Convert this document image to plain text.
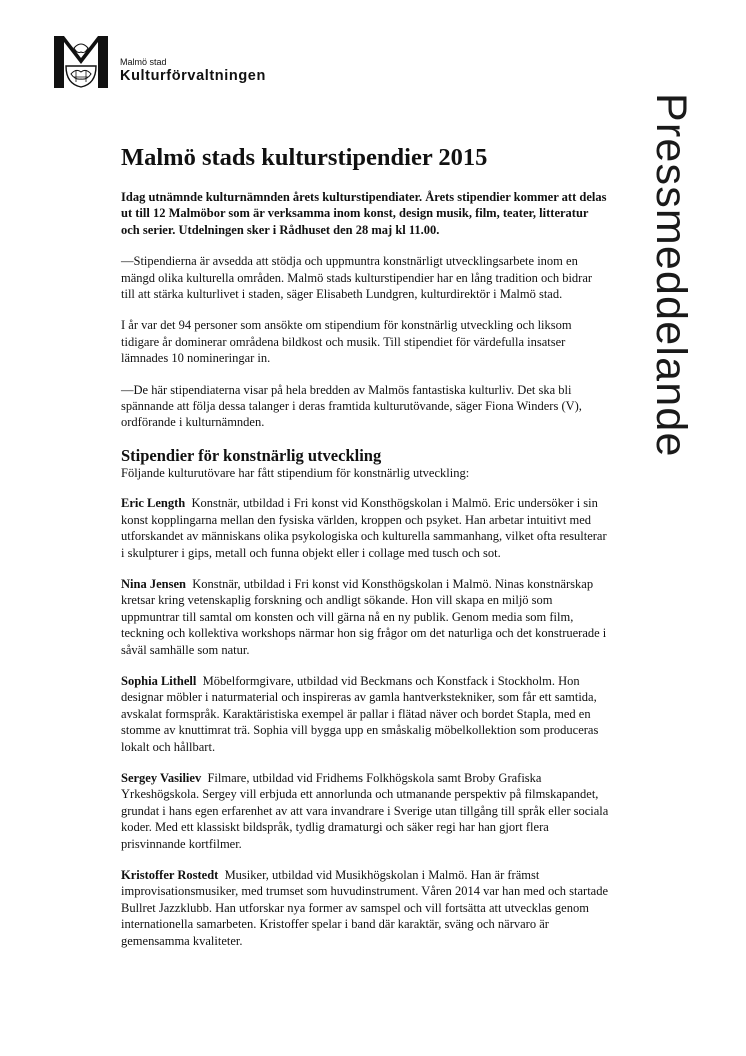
Malmö stad
Kulturförvaltningen
Pressmeddelande
Malmö stads kulturstipendier 2015

Idag utnämnde kulturnämnden årets kulturstipendiater. Årets stipendier kommer att delas ut till 12 Malmöbor som är verksamma inom konst, design musik, film, teater, litteratur och serier. Utdelningen sker i Rådhuset den 28 maj kl 11.00.

—Stipendierna är avsedda att stödja och uppmuntra konstnärligt utvecklingsarbete inom en mängd olika kulturella områden. Malmö stads kulturstipendier har en lång tradition och bidrar till att stärka kulturlivet i staden, säger Elisabeth Lundgren, kulturdirektör i Malmö stad.

I år var det 94 personer som ansökte om stipendium för konstnärlig utveckling och liksom tidigare år dominerar områdena bildkost och musik. Till stipendiet för värdefulla insatser lämnades 10 nomineringar in.

—De här stipendiaterna visar på hela bredden av Malmös fantastiska kulturliv. Det ska bli spännande att följa dessa talanger i deras framtida kulturutövande, säger Fiona Winders (V), ordförande i kulturnämnden.

Stipendier för konstnärlig utveckling

Följande kulturutövare har fått stipendium för konstnärlig utveckling:

Eric Length Konstnär, utbildad i Fri konst vid Konsthögskolan i Malmö. Eric undersöker i sin konst kopplingarna mellan den fysiska världen, kroppen och psyket. Han arbetar intuitivt med utforskandet av människans olika psykologiska och kulturella sammanhang, vilket ofta resulterar i skulpturer i gips, metall och funna objekt eller i collage med tusch och sot.

Nina Jensen Konstnär, utbildad i Fri konst vid Konsthögskolan i Malmö. Ninas konstnärskap kretsar kring vetenskaplig forskning och andligt sökande. Hon vill skapa en miljö som uppmuntrar till samtal om konsten och vill gärna nå en ny publik. Genom media som film, teckning och kollektiva workshops närmar hon sig frågor om det naturliga och det konstruerade i såväl samhälle som natur.

Sophia Lithell Möbelformgivare, utbildad vid Beckmans och Konstfack i Stockholm. Hon designar möbler i naturmaterial och inspireras av gamla hantverkstekniker, som får ett samtida, avskalat formspråk. Karaktäristiska exempel är pallar i flätad näver och bordet Stapla, med en stomme av knuttimrat trä. Sophia vill bygga upp en småskalig möbelkollektion som produceras lokalt och hållbart.

Sergey Vasiliev Filmare, utbildad vid Fridhems Folkhögskola samt Broby Grafiska Yrkeshögskola. Sergey vill erbjuda ett annorlunda och utmanande perspektiv på filmskapandet, grundat i hans egen erfarenhet av att vara invandrare i Sverige utan tillgång till språk eller sociala koder. Med ett klassiskt bildspråk, tydlig dramaturgi och säker regi har han gjort flera prisvinnande kortfilmer.

Kristoffer Rostedt Musiker, utbildad vid Musikhögskolan i Malmö. Han är främst improvisationsmusiker, med trumset som huvudinstrument. Våren 2014 var han med och startade Bullret Jazzklubb. Han utforskar nya former av samspel och vill fortsätta att utvecklas genom internationella samarbeten. Kristoffer spelar i band där karaktär, sväng och närvaro är gemensamma kvaliteter.
